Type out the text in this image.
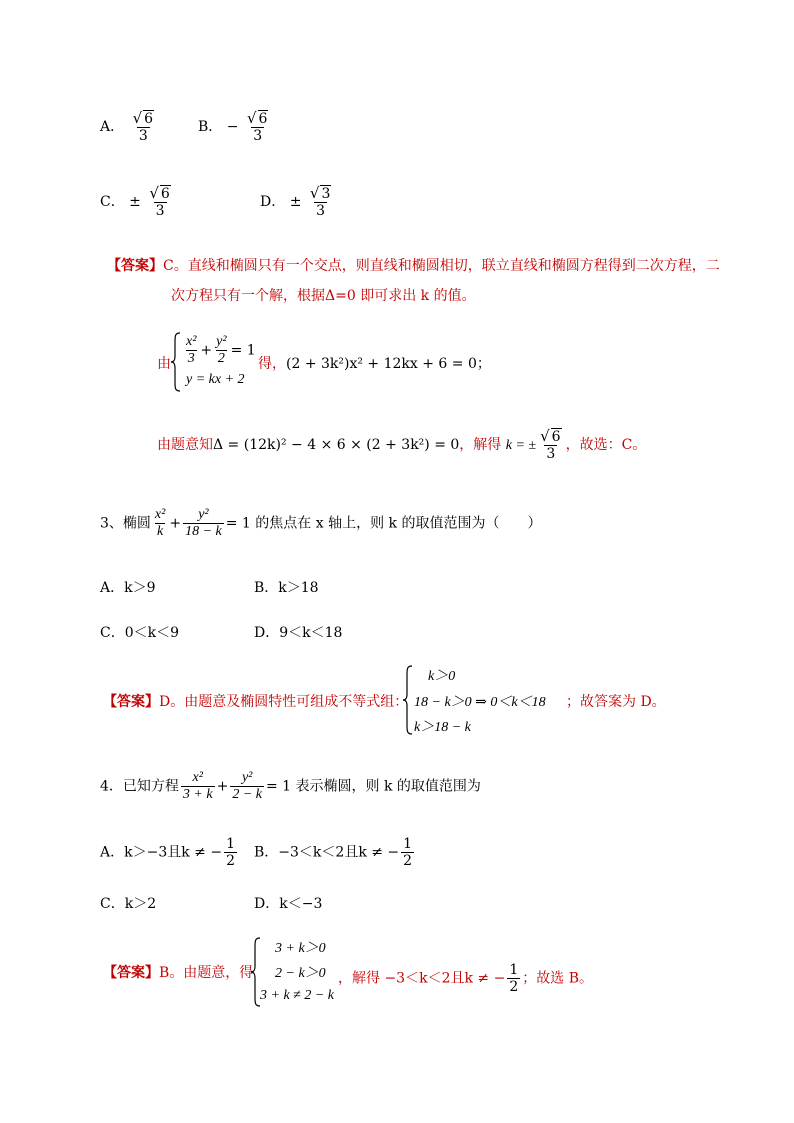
A． $\frac{√ 6}{3}$	B． − $\frac{√ 6}{3}$
C． ± $\frac{√ 6}{3}$	D． ± $\frac{√ 3}{3}$
【答案】C。直线和椭圆只有一个交点，则直线和椭圆相切，联立直线和椭圆方程得到二次方程，二
次方程只有一个解，根据Δ=0 即可求出 k 的值。
由 $\frac{\text{x²}}{3} + \frac{\text{y²}}{2} = 1$
y = kx + 2
得， (2 + 3k²)x² + 12kx + 6 = 0；
由题意知Δ = (12k)² − 4 × 6 × (2 + 3k²) = 0，解得 k = ± $\frac{√ 6}{3}$ ，故选：C。
3、椭圆 $\frac{\text{x²}}{k} + \frac{\text{y²}}{18 - k} = 1$ 的焦点在 x 轴上，则 k 的取值范围为（　　）
A．k＞9	B．k＞18
C．0＜k＜9	D．9＜k＜18
【答案】D。由题意及椭圆特性可组成不等式组：
k＞0
18 − k＞0 ⇒ 0＜k＜18
k＞18 − k
；故答案为 D。
4．已知方程 $\frac{\text{x²}}{3 + k} + \frac{\text{y²}}{2 - k} = 1$ 表示椭圆，则 k 的取值范围为
A．k＞−3且k ≠ − $\frac{1}{2}$ B．−3＜k＜2且k ≠ − $\frac{1}{2}$
C．k＞2	D．k＜−3
【答案】B。由题意，得
3 + k＞0
2 − k＞0
3 + k ≠ 2 − k
，解得 −3＜k＜2且k ≠ − $\frac{1}{2}$ ；故选 B。
